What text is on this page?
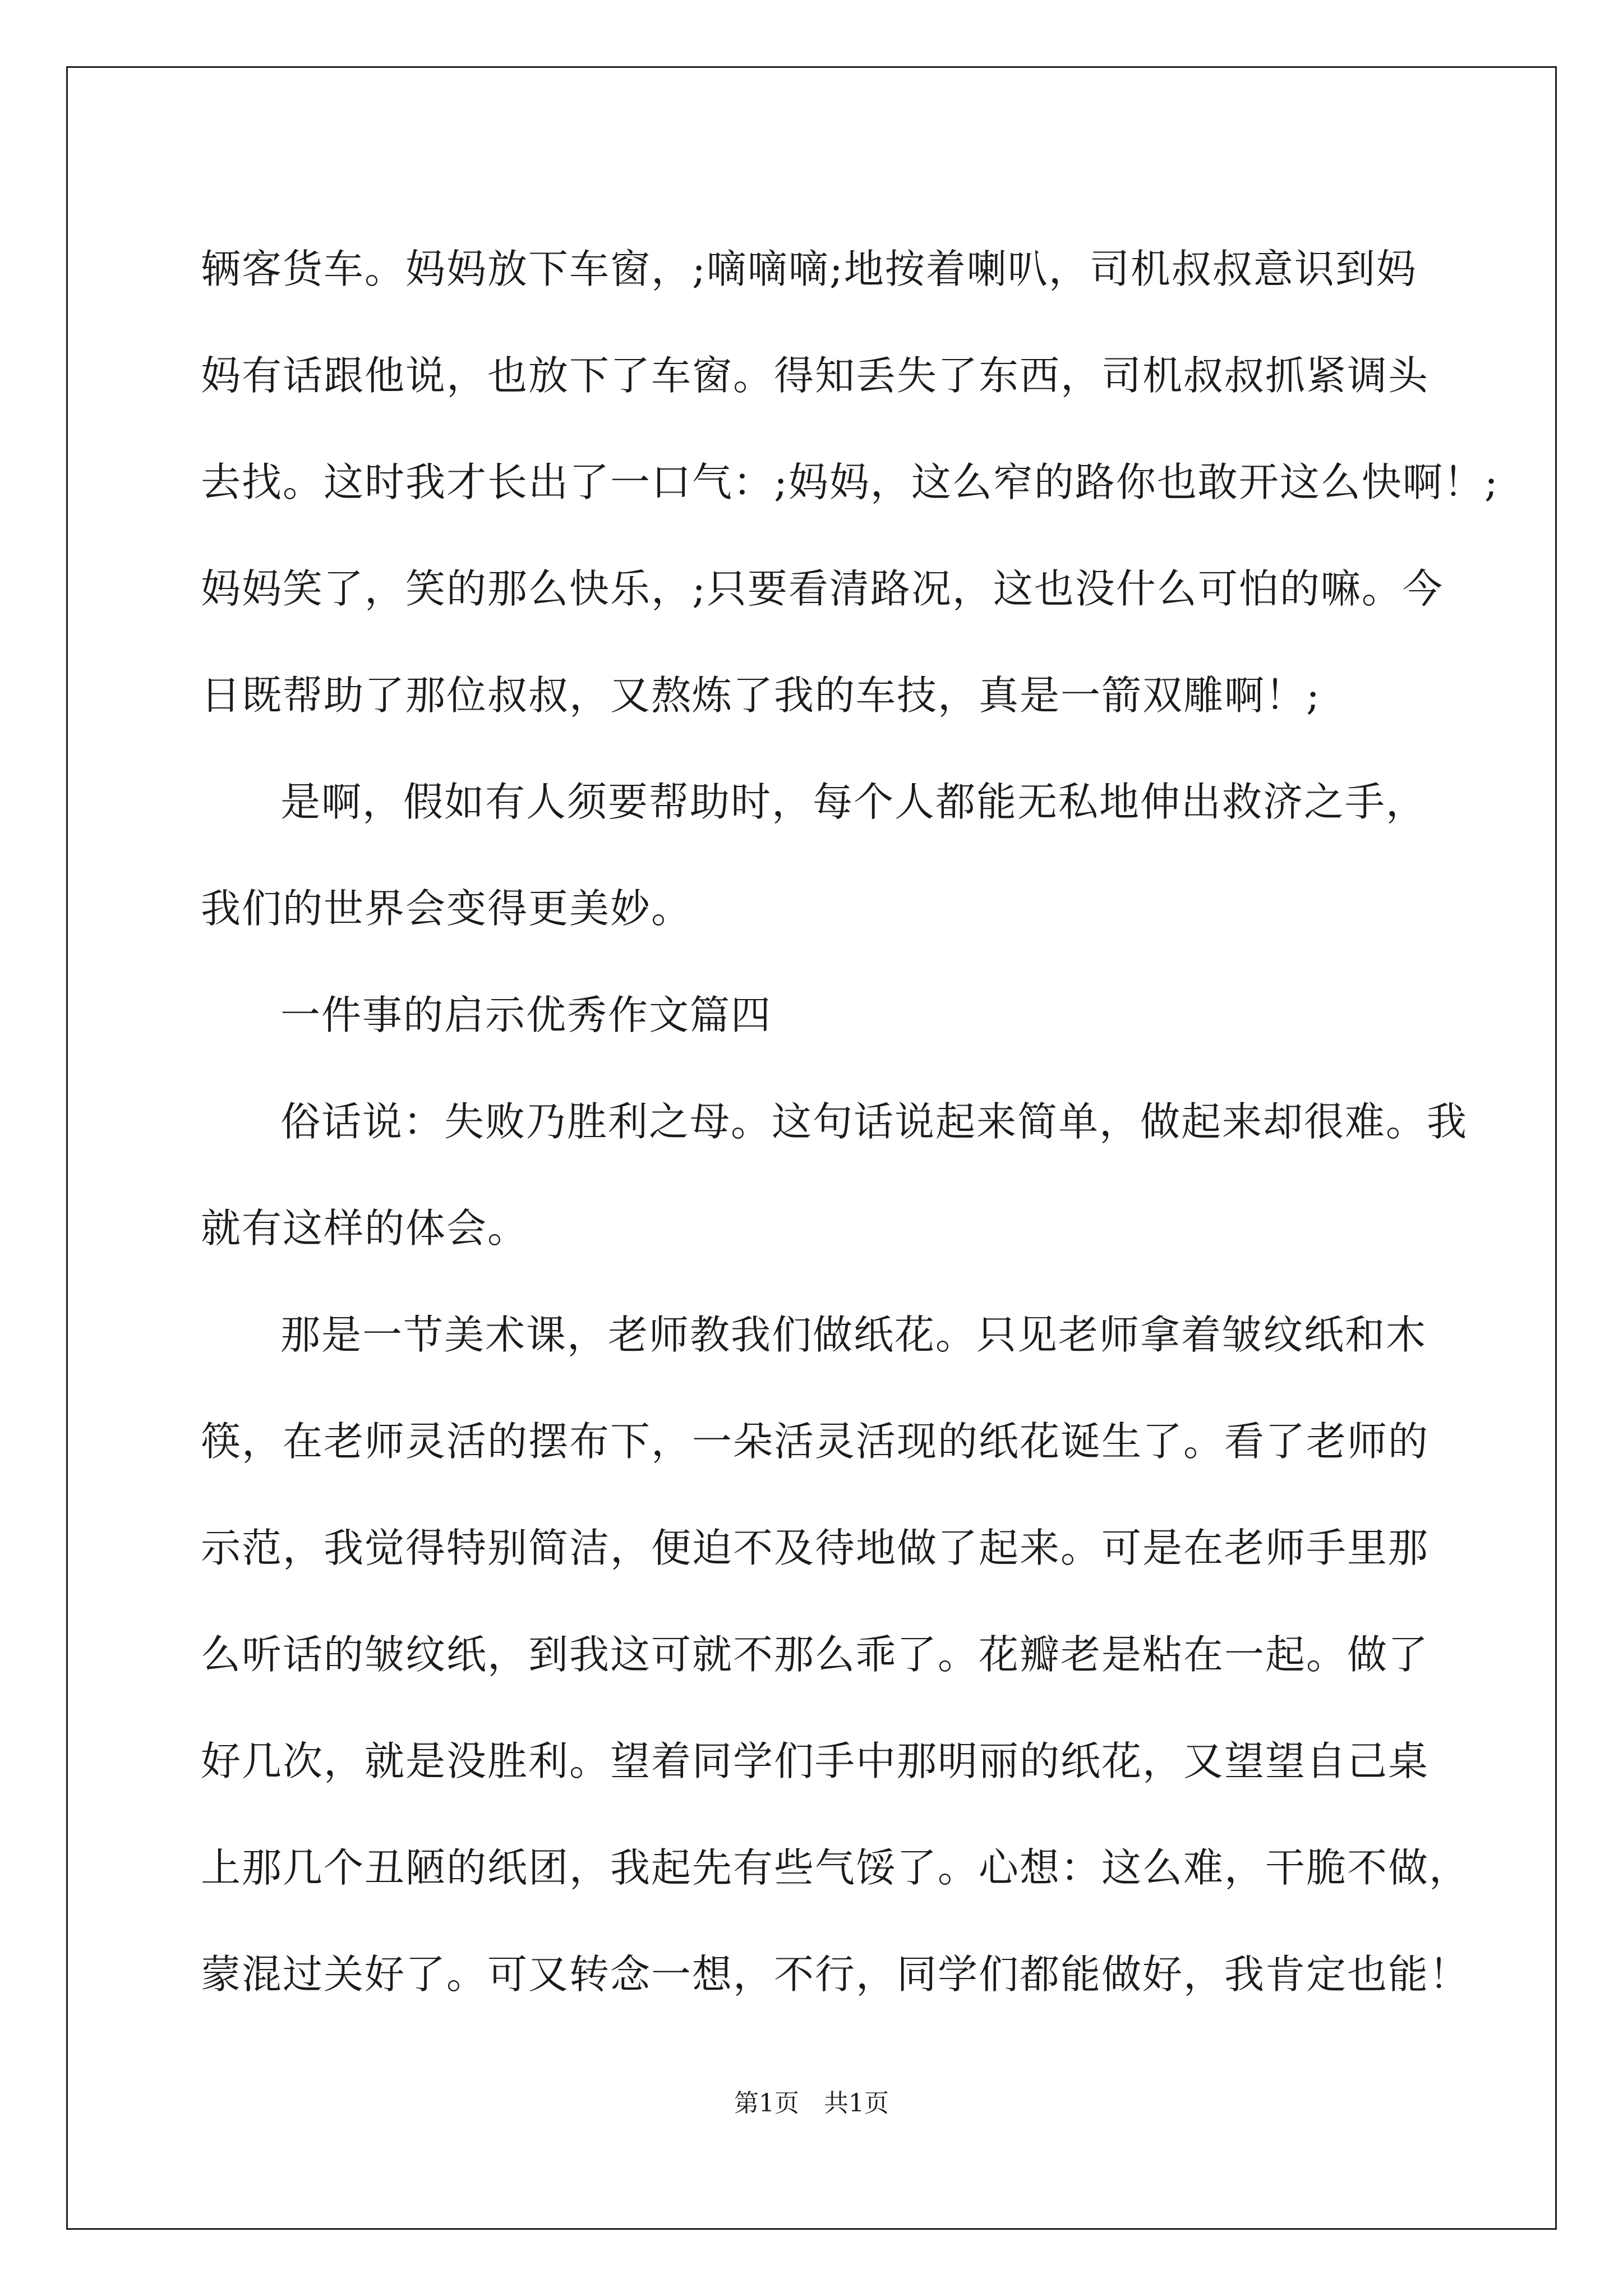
辆客货车。妈妈放下车窗，;嘀嘀嘀;地按着喇叭，司机叔叔意识到妈
妈有话跟他说，也放下了车窗。得知丢失了东西，司机叔叔抓紧调头
去找。这时我才长出了一口气：;妈妈，这么窄的路你也敢开这么快啊！;
妈妈笑了，笑的那么快乐，;只要看清路况，这也没什么可怕的嘛。今
日既帮助了那位叔叔，又熬炼了我的车技，真是一箭双雕啊！;
是啊，假如有人须要帮助时，每个人都能无私地伸出救济之手，
我们的世界会变得更美妙。
一件事的启示优秀作文篇四
俗话说：失败乃胜利之母。这句话说起来简单，做起来却很难。我
就有这样的体会。
那是一节美术课，老师教我们做纸花。只见老师拿着皱纹纸和木
筷，在老师灵活的摆布下，一朵活灵活现的纸花诞生了。看了老师的
示范，我觉得特别简洁，便迫不及待地做了起来。可是在老师手里那
么听话的皱纹纸，到我这可就不那么乖了。花瓣老是粘在一起。做了
好几次，就是没胜利。望着同学们手中那明丽的纸花，又望望自己桌
上那几个丑陋的纸团，我起先有些气馁了。心想：这么难，干脆不做，
蒙混过关好了。可又转念一想，不行，同学们都能做好，我肯定也能！
第1页　共1页
